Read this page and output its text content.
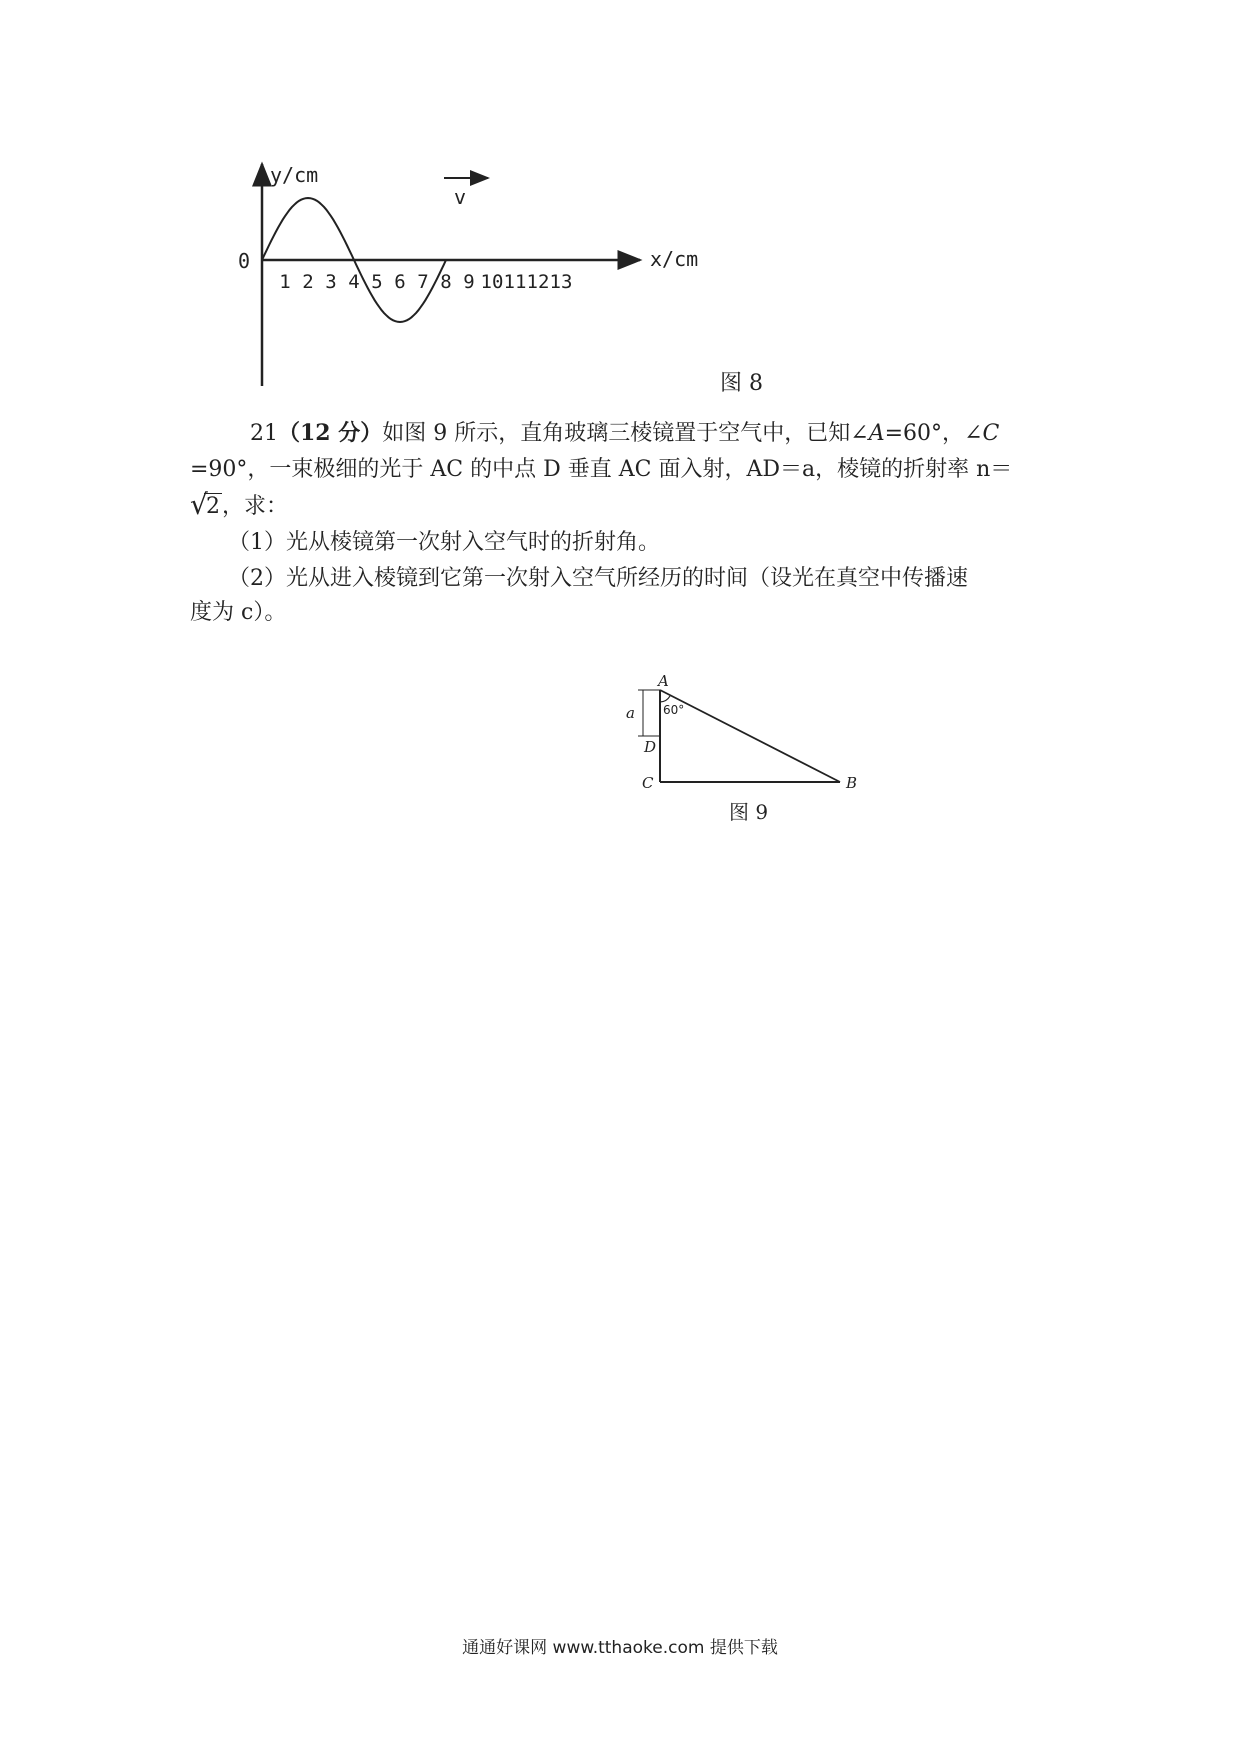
y/cm
x/cm
0
v
1 2 3 4 5 6 7 8 9 10 11 12 13
图 8
21（12 分）如图 9 所示，直角玻璃三棱镜置于空气中，已知∠A=60°，∠C
=90°，一束极细的光于 AC 的中点 D 垂直 AC 面入射，AD＝a，棱镜的折射率 n＝
√
2，求：
（1）光从棱镜第一次射入空气时的折射角。
（2）光从进入棱镜到它第一次射入空气所经历的时间（设光在真空中传播速
度为 c）。
A
B
C
D
a 60°
图 9
通通好课网 www.tthaoke.com 提供下载
